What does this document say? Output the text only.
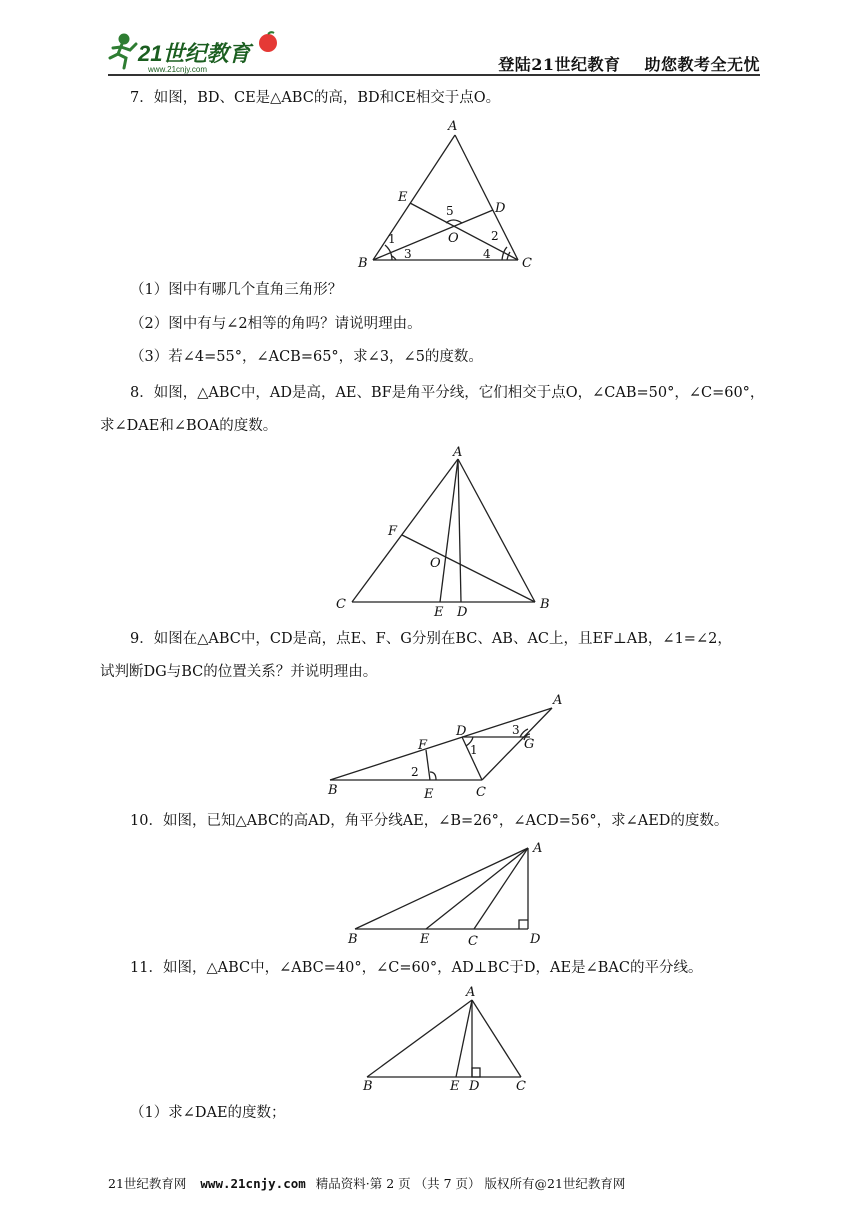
21世纪教育
www.21cnjy.com	登陆21世纪教育 助您教考全无忧
7．如图，BD、CE是△ABC的高，BD和CE相交于点O。
A
E
D
O
B	C
1	2
3	4
5
（1）图中有哪几个直角三角形？
（2）图中有与∠2相等的角吗？请说明理由。
（3）若∠4=55°，∠ACB=65°，求∠3，∠5的度数。
8．如图，△ABC中，AD是高，AE、BF是角平分线，它们相交于点O，∠CAB=50°，∠C=60°，
求∠DAE和∠BOA的度数。
A
F
O
C
E D
B
9．如图在△ABC中，CD是高，点E、F、G分别在BC、AB、AC上，且EF⊥AB，∠1=∠2，
试判断DG与BC的位置关系？并说明理由。
A
D
F	G
B	E	C
1
2
3
10．如图，已知△ABC的高AD，角平分线AE，∠B=26°，∠ACD=56°，求∠AED的度数。
A
B	E	C	D
11．如图，△ABC中，∠ABC=40°，∠C=60°，AD⊥BC于D，AE是∠BAC的平分线。
A
B	E D	C
（1）求∠DAE的度数；
21世纪教育网 www.21cnjy.com 精品资料·第 2 页 （共 7 页） 版权所有@21世纪教育网
